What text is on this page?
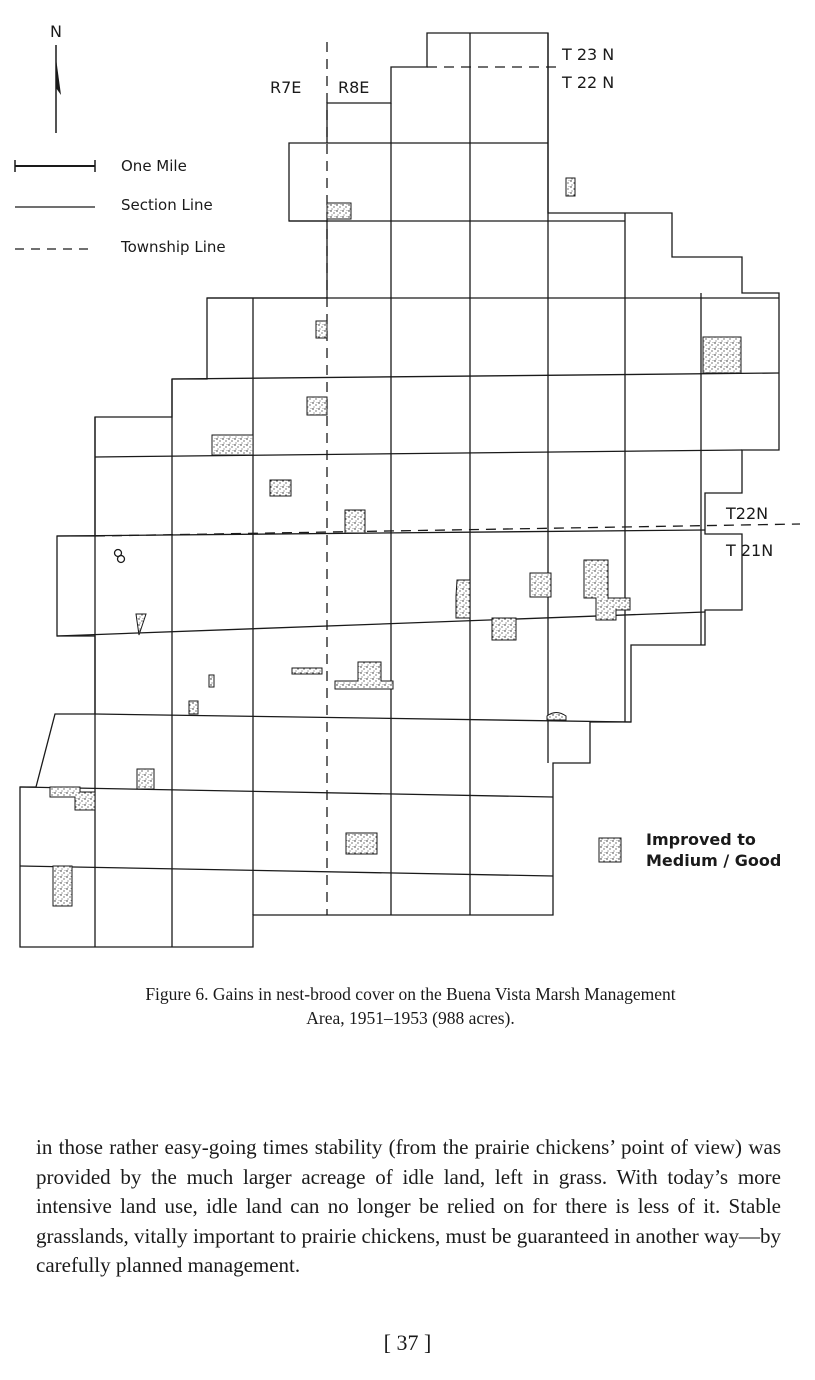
N
One Mile
Section Line
Township Line
R7E R8E
T 23 N
T 22 N
T22N
T 21N
Improved to Medium / Good
Figure 6. Gains in nest-brood cover on the Buena Vista Marsh Management
Area, 1951–1953 (988 acres).

in those rather easy-going times stability (from the prairie chickens’ point of view) was provided by the much larger acreage of idle land, left in grass. With today’s more intensive land use, idle land can no longer be relied on for there is less of it. Stable grasslands, vitally important to prairie chickens, must be guaranteed in another way—by carefully planned management.

[ 37 ]
